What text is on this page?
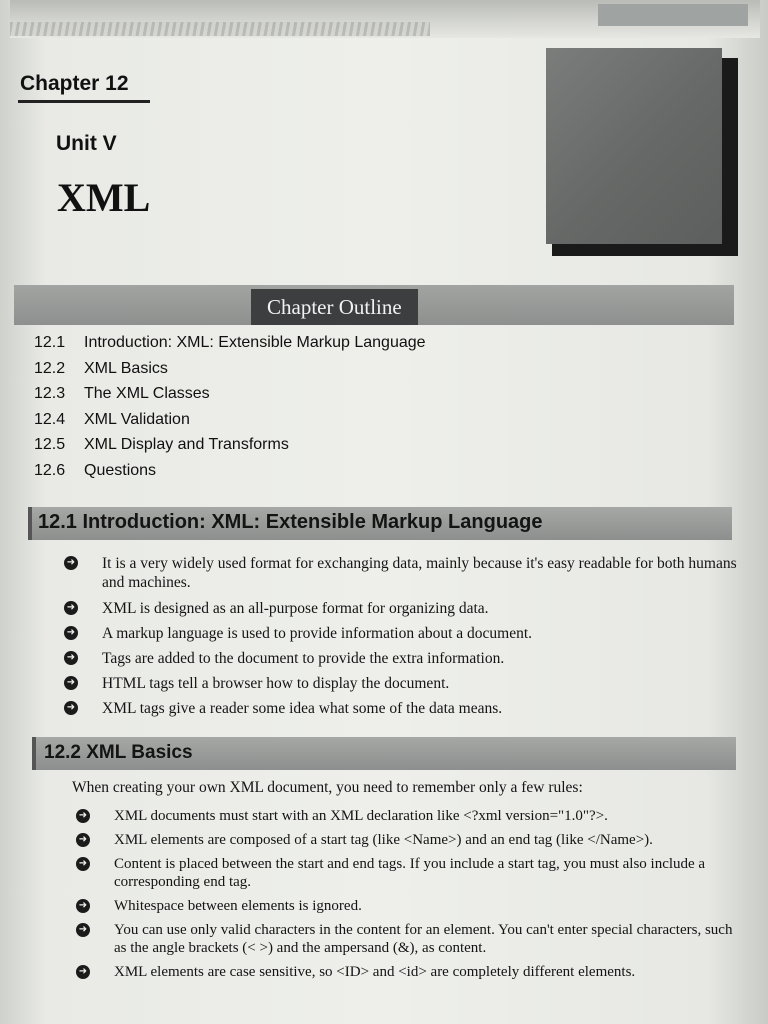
Chapter 12
Unit V
XML
Chapter Outline
12.1 Introduction: XML: Extensible Markup Language
12.2 XML Basics
12.3 The XML Classes
12.4 XML Validation
12.5 XML Display and Transforms
12.6 Questions
12.1 Introduction: XML: Extensible Markup Language
➜ It is a very widely used format for exchanging data, mainly because it's easy readable for both humans and machines.
➜ XML is designed as an all-purpose format for organizing data.
➜ A markup language is used to provide information about a document.
➜ Tags are added to the document to provide the extra information.
➜ HTML tags tell a browser how to display the document.
➜ XML tags give a reader some idea what some of the data means.
12.2 XML Basics
When creating your own XML document, you need to remember only a few rules:
➜ XML documents must start with an XML declaration like <?xml version="1.0"?>.
➜ XML elements are composed of a start tag (like <Name>) and an end tag (like </Name>).
➜ Content is placed between the start and end tags. If you include a start tag, you must also include a corresponding end tag.
➜ Whitespace between elements is ignored.
➜ You can use only valid characters in the content for an element. You can't enter special characters, such as the angle brackets (< >) and the ampersand (&), as content.
➜ XML elements are case sensitive, so <ID> and <id> are completely different elements.
